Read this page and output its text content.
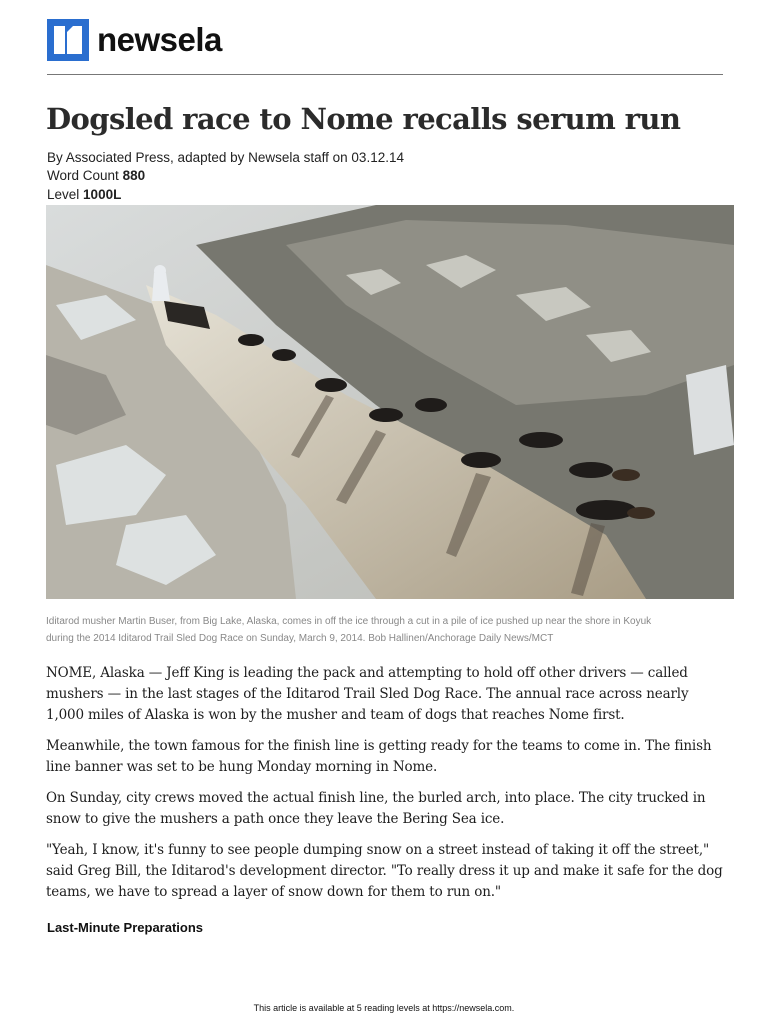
newsela
Dogsled race to Nome recalls serum run
By Associated Press, adapted by Newsela staff on 03.12.14
Word Count 880
Level 1000L
Iditarod musher Martin Buser, from Big Lake, Alaska, comes in off the ice through a cut in a pile of ice pushed up near the shore in Koyuk
during the 2014 Iditarod Trail Sled Dog Race on Sunday, March 9, 2014. Bob Hallinen/Anchorage Daily News/MCT

NOME, Alaska — Jeff King is leading the pack and attempting to hold off other drivers — called mushers — in the last stages of the Iditarod Trail Sled Dog Race. The annual race across nearly 1,000 miles of Alaska is won by the musher and team of dogs that reaches Nome first.

Meanwhile, the town famous for the finish line is getting ready for the teams to come in. The finish line banner was set to be hung Monday morning in Nome.

On Sunday, city crews moved the actual finish line, the burled arch, into place. The city trucked in snow to give the mushers a path once they leave the Bering Sea ice.

"Yeah, I know, it's funny to see people dumping snow on a street instead of taking it off the street," said Greg Bill, the Iditarod's development director. "To really dress it up and make it safe for the dog teams, we have to spread a layer of snow down for them to run on."

Last-Minute Preparations
This article is available at 5 reading levels at https://newsela.com.
